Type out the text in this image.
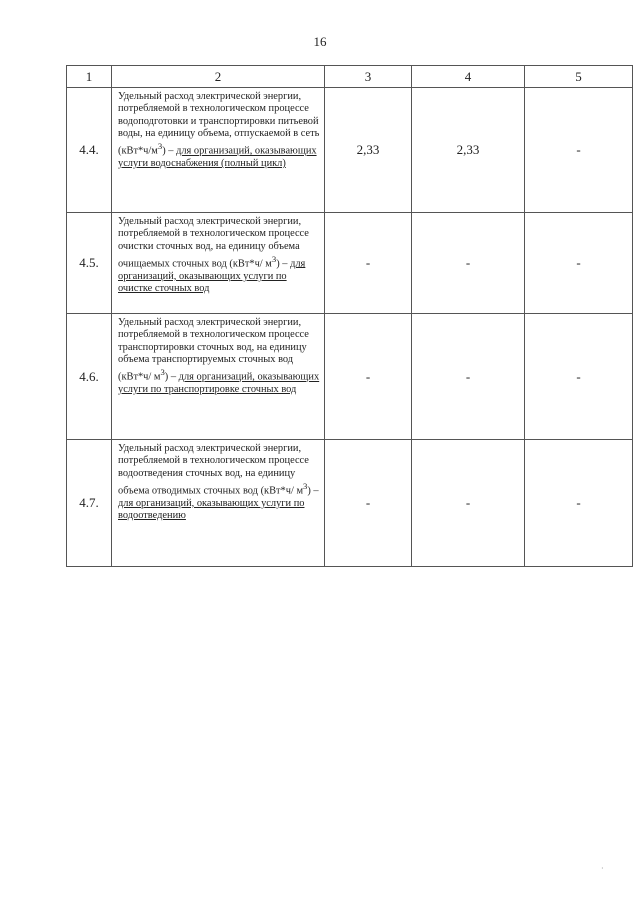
16
1	2	3	4	5
4.4.	Удельный расход электрической энергии, потребляемой в технологическом процессе водоподготовки и транспортировки питьевой воды, на единицу объема, отпускаемой в сеть $(кВт*ч/м^3)$ – для организаций, оказывающих услуги водоснабжения (полный цикл)	2,33	2,33	-
4.5.	Удельный расход электрической энергии, потребляемой в технологическом процессе очистки сточных вод, на единицу объема очищаемых сточных вод (кВт*ч/ $м^3$) – для организаций, оказывающих услуги по очистке сточных вод	-	-	-
4.6.	Удельный расход электрической энергии, потребляемой в технологическом процессе транспортировки сточных вод, на единицу объема транспортируемых сточных вод (кВт*ч/ $м^3$) – для организаций, оказывающих услуги по транспортировке сточных вод	-	-	-
4.7.	Удельный расход электрической энергии, потребляемой в технологическом процессе водоотведения сточных вод, на единицу объема отводимых сточных вод (кВт*ч/ $м^3$) – для организаций, оказывающих услуги по водоотведению	-	-	-
·
